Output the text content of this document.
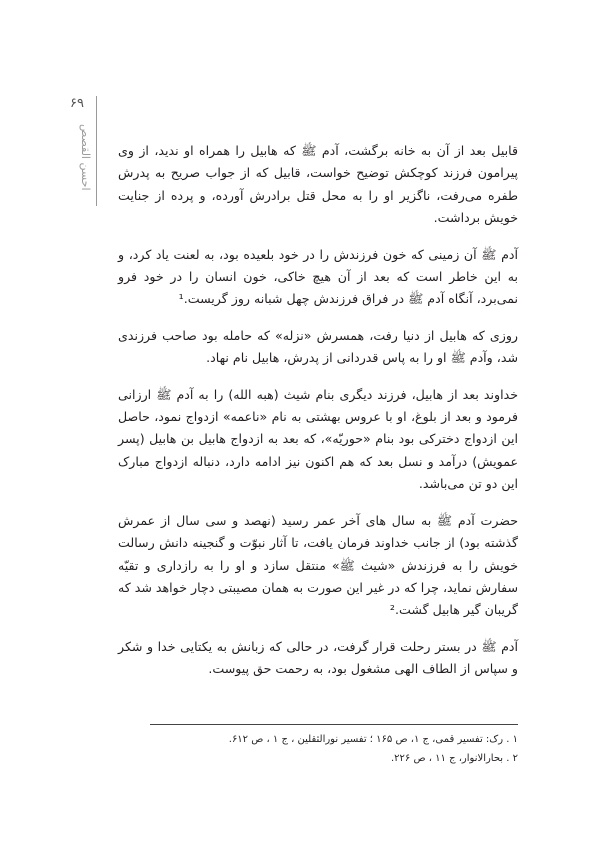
۶۹
احسن القصص قابیل بعد از آن به خانه برگشت، آدم ﷺ که هابیل را همراه او ندید، از وی پیرامون فرزند کوچکش توضیح خواست، قابیل که از جواب صریح به پدرش طفره می‌رفت، ناگزیر او را به محل قتل برادرش آورده، و پرده از جنایت خویش برداشت.

آدم ﷺ آن زمینی که خون فرزندش را در خود بلعیده بود، به لعنت یاد کرد، و به این خاطر است که بعد از آن هیچ خاکی، خون انسان را در خود فرو نمی‌برد، آنگاه آدم ﷺ در فراق فرزندش چهل شبانه روز گریست.¹

روزی که هابیل از دنیا رفت، همسرش «نزله» که حامله بود صاحب فرزندی شد، وآدم ﷺ او را به پاس قدردانی از پدرش، هابیل نام نهاد.

خداوند بعد از هابیل، فرزند دیگری بنام شیث (هبه الله) را به آدم ﷺ ارزانی فرمود و بعد از بلوغ، او با عروس بهشتی به نام «ناعمه» ازدواج نمود، حاصل این ازدواج دخترکی بود بنام «حوریّه»، که بعد به ازدواج هابیل بن هابیل (پسر عمویش) درآمد و نسل بعد که هم اکنون نیز ادامه دارد، دنباله ازدواج مبارک این دو تن می‌باشد.

حضرت آدم ﷺ به سال های آخر عمر رسید (نهصد و سی سال از عمرش گذشته بود) از جانب خداوند فرمان یافت، تا آثار نبوّت و گنجینه دانش رسالت خویش را به فرزندش «شیث ﷺ» منتقل سازد و او را به رازداری و تقیّه سفارش نماید، چرا که در غیر این صورت به همان مصیبتی دچار خواهد شد که گریبان گیر هابیل گشت.²

آدم ﷺ در بستر رحلت قرار گرفت، در حالی که زبانش به یکتایی خدا و شکر و سپاس از الطاف الهی مشغول بود، به رحمت حق پیوست.

۱ . رک: تفسیر قمی، ج ۱، ص ۱۶۵ ؛ تفسیر نورالثقلین ، ج ۱ ، ص ۶۱۲.

۲ . بحارالانوار، ج ۱۱ ، ص ۲۲۶.
